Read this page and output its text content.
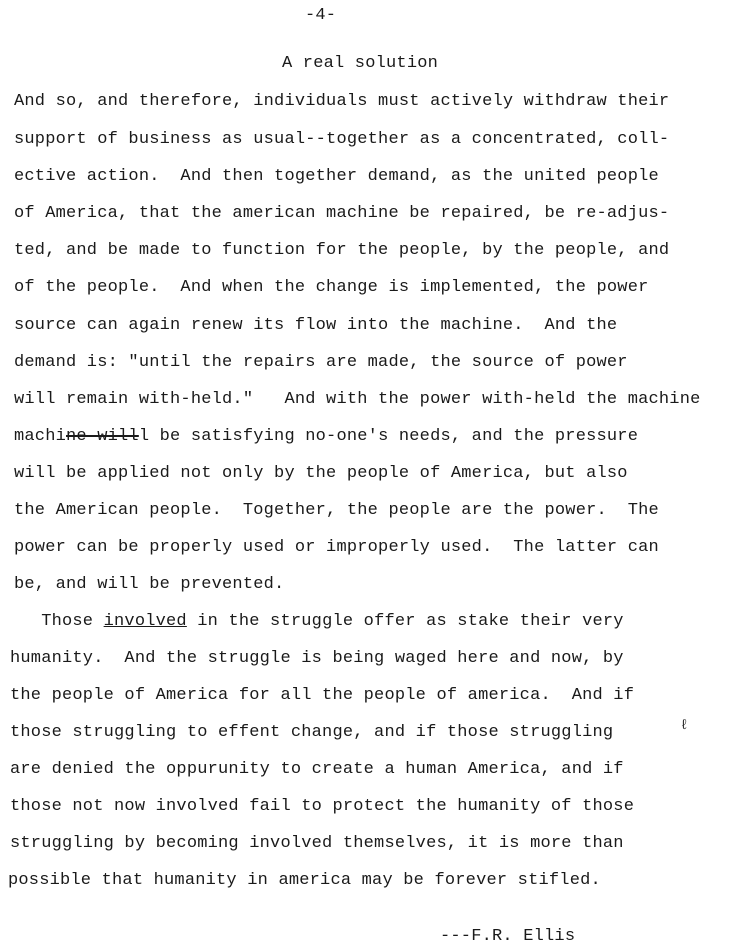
-4-
A real solution
And so, and therefore, individuals must actively withdraw their
support of business as usual--together as a concentrated, coll-
ective action.  And then together demand, as the united people
of America, that the american machine be repaired, be re-adjus-
ted, and be made to function for the people, by the people, and
of the people.  And when the change is implemented, the power
source can again renew its flow into the machine.  And the
demand is: "until the repairs are made, the source of power
will remain with-held."   And with the power with-held the machine
machine willl be satisfying no-one's needs, and the pressure
will be applied not only by the people of America, but also
the American people.  Together, the people are the power.  The
power can be properly used or improperly used.  The latter can
be, and will be prevented.
Those involved in the struggle offer as stake their very
humanity.  And the struggle is being waged here and now, by
the people of America for all the people of america.  And if
those struggling to effent change, and if those struggling
are denied the oppurunity to create a human America, and if
those not now involved fail to protect the humanity of those
struggling by becoming involved themselves, it is more than
possible that humanity in america may be forever stifled.
ℓ
---F.R. Ellis
